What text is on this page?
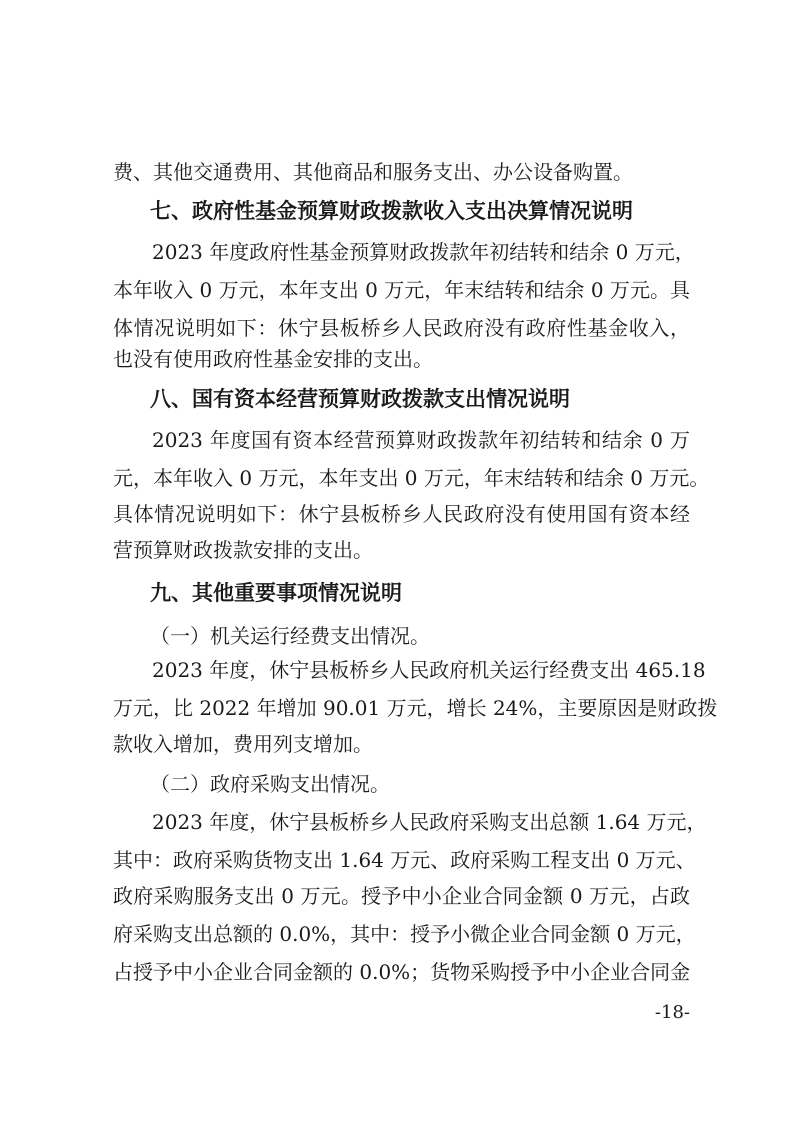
费、其他交通费用、其他商品和服务支出、办公设备购置。
七、政府性基金预算财政拨款收入支出决算情况说明
2023 年度政府性基金预算财政拨款年初结转和结余 0 万元，
本年收入 0 万元，本年支出 0 万元，年末结转和结余 0 万元。具
体情况说明如下：休宁县板桥乡人民政府没有政府性基金收入，
也没有使用政府性基金安排的支出。
八、国有资本经营预算财政拨款支出情况说明
2023 年度国有资本经营预算财政拨款年初结转和结余 0 万
元，本年收入 0 万元，本年支出 0 万元，年末结转和结余 0 万元。
具体情况说明如下：休宁县板桥乡人民政府没有使用国有资本经
营预算财政拨款安排的支出。
九、其他重要事项情况说明
（一）机关运行经费支出情况。
2023 年度，休宁县板桥乡人民政府机关运行经费支出 465.18
万元，比 2022 年增加 90.01 万元，增长 24%，主要原因是财政拨
款收入增加，费用列支增加。
（二）政府采购支出情况。
2023 年度，休宁县板桥乡人民政府采购支出总额 1.64 万元，
其中：政府采购货物支出 1.64 万元、政府采购工程支出 0 万元、
政府采购服务支出 0 万元。授予中小企业合同金额 0 万元，占政
府采购支出总额的 0.0%，其中：授予小微企业合同金额 0 万元，
占授予中小企业合同金额的 0.0%；货物采购授予中小企业合同金
-18-
